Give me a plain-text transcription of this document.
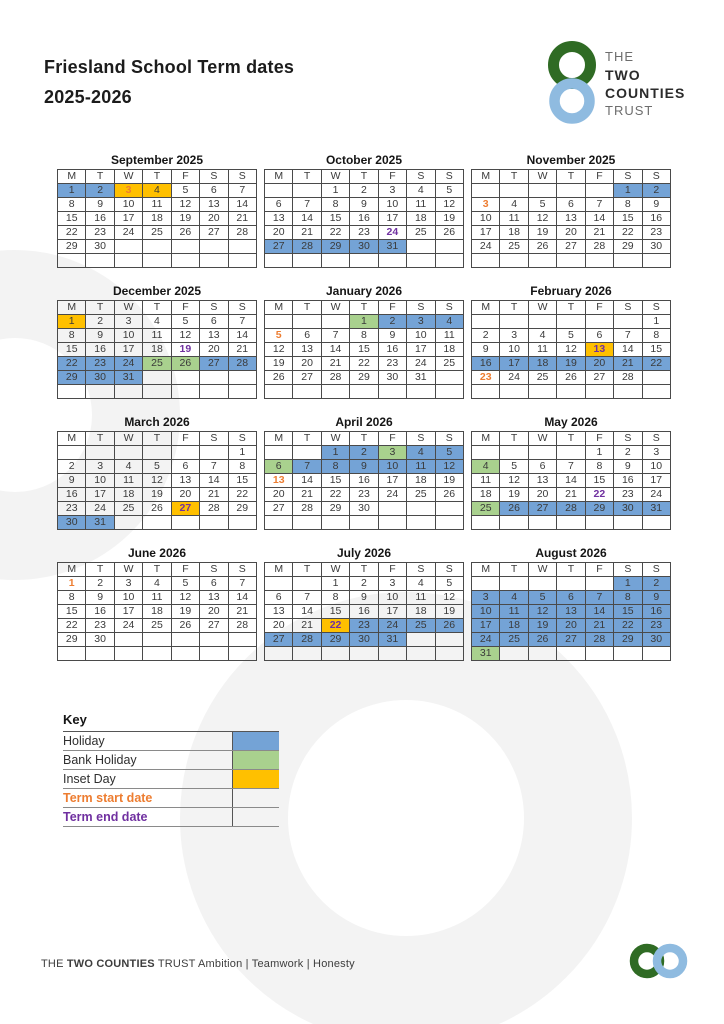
Friesland School Term dates
2025-2026
THE
TWO
COUNTIES
TRUST
September 2025
M	T	W	T	F	S	S
1	2	3	4	5	6	7
8	9	10	11	12	13	14
15	16	17	18	19	20	21
22	23	24	25	26	27	28
29	30					

October 2025
M	T	W	T	F	S	S
		1	2	3	4	5
6	7	8	9	10	11	12
13	14	15	16	17	18	19
20	21	22	23	24	25	26
27	28	29	30	31		

November 2025
M	T	W	T	F	S	S
					1	2
3	4	5	6	7	8	9
10	11	12	13	14	15	16
17	18	19	20	21	22	23
24	25	26	27	28	29	30

December 2025
M	T	W	T	F	S	S
1	2	3	4	5	6	7
8	9	10	11	12	13	14
15	16	17	18	19	20	21
22	23	24	25	26	27	28
29	30	31				

January 2026
M	T	W	T	F	S	S
			1	2	3	4
5	6	7	8	9	10	11
12	13	14	15	16	17	18
19	20	21	22	23	24	25
26	27	28	29	30	31	

February 2026
M	T	W	T	F	S	S
						1
2	3	4	5	6	7	8
9	10	11	12	13	14	15
16	17	18	19	20	21	22
23	24	25	26	27	28	

March 2026
M	T	W	T	F	S	S
						1
2	3	4	5	6	7	8
9	10	11	12	13	14	15
16	17	18	19	20	21	22
23	24	25	26	27	28	29
30	31					
April 2026
M	T	W	T	F	S	S
		1	2	3	4	5
6	7	8	9	10	11	12
13	14	15	16	17	18	19
20	21	22	23	24	25	26
27	28	29	30			

May 2026
M	T	W	T	F	S	S
				1	2	3
4	5	6	7	8	9	10
11	12	13	14	15	16	17
18	19	20	21	22	23	24
25	26	27	28	29	30	31

June 2026
M	T	W	T	F	S	S
1	2	3	4	5	6	7
8	9	10	11	12	13	14
15	16	17	18	19	20	21
22	23	24	25	26	27	28
29	30					

July 2026
M	T	W	T	F	S	S
		1	2	3	4	5
6	7	8	9	10	11	12
13	14	15	16	17	18	19
20	21	22	23	24	25	26
27	28	29	30	31		

August 2026
M	T	W	T	F	S	S
					1	2
3	4	5	6	7	8	9
10	11	12	13	14	15	16
17	18	19	20	21	22	23
24	25	26	27	28	29	30
31						
Key
Holiday
Bank Holiday
Inset Day
Term start date
Term end date
THE TWO COUNTIES TRUST Ambition | Teamwork | Honesty
